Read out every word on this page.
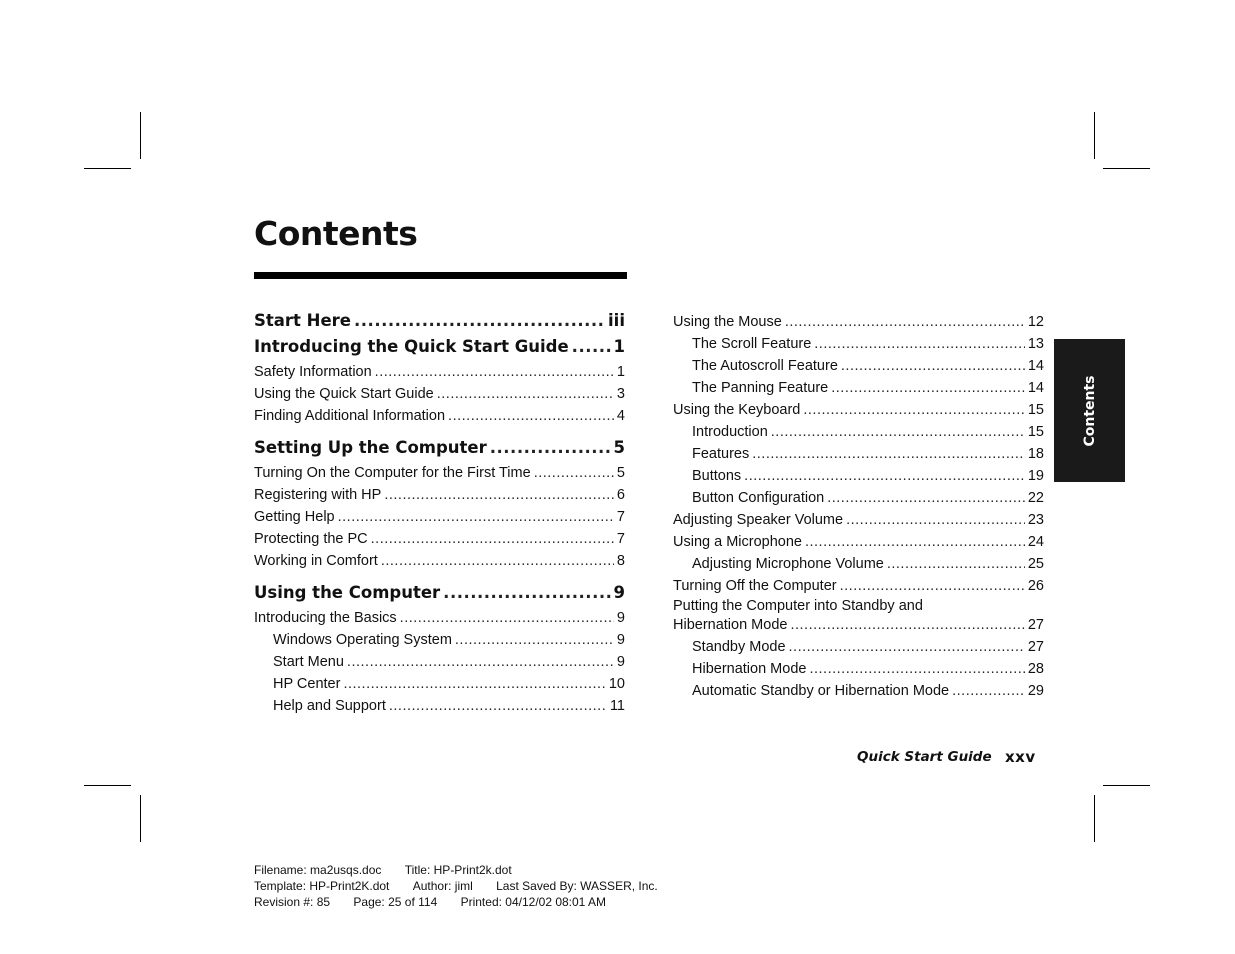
Contents
Start Here .....	iii
Introducing the Quick Start Guide .....	1
Safety Information .....	1
Using the Quick Start Guide .....	3
Finding Additional Information .....	4
Setting Up the Computer .....	5
Turning On the Computer for the First Time .....	5
Registering with HP .....	6
Getting Help .....	7
Protecting the PC .....	7
Working in Comfort .....	8
Using the Computer .....	9
Introducing the Basics .....	9
Windows Operating System .....	9
Start Menu .....	9
HP Center .....	10
Help and Support .....	11
Using the Mouse .....	12
The Scroll Feature .....	13
The Autoscroll Feature .....	14
The Panning Feature .....	14
Using the Keyboard .....	15
Introduction .....	15
Features .....	18
Buttons .....	19
Button Configuration .....	22
Adjusting Speaker Volume .....	23
Using a Microphone .....	24
Adjusting Microphone Volume .....	25
Turning Off the Computer .....	26
Putting the Computer into Standby and
Hibernation Mode .....	27
Standby Mode .....	27
Hibernation Mode .....	28
Automatic Standby or Hibernation Mode .....	29
Contents
Quick Start Guide xxv
Filename: ma2usqs.doc Title: HP-Print2k.dot
Template: HP-Print2K.dot Author: jiml Last Saved By: WASSER, Inc.
Revision #: 85 Page: 25 of 114 Printed: 04/12/02 08:01 AM
